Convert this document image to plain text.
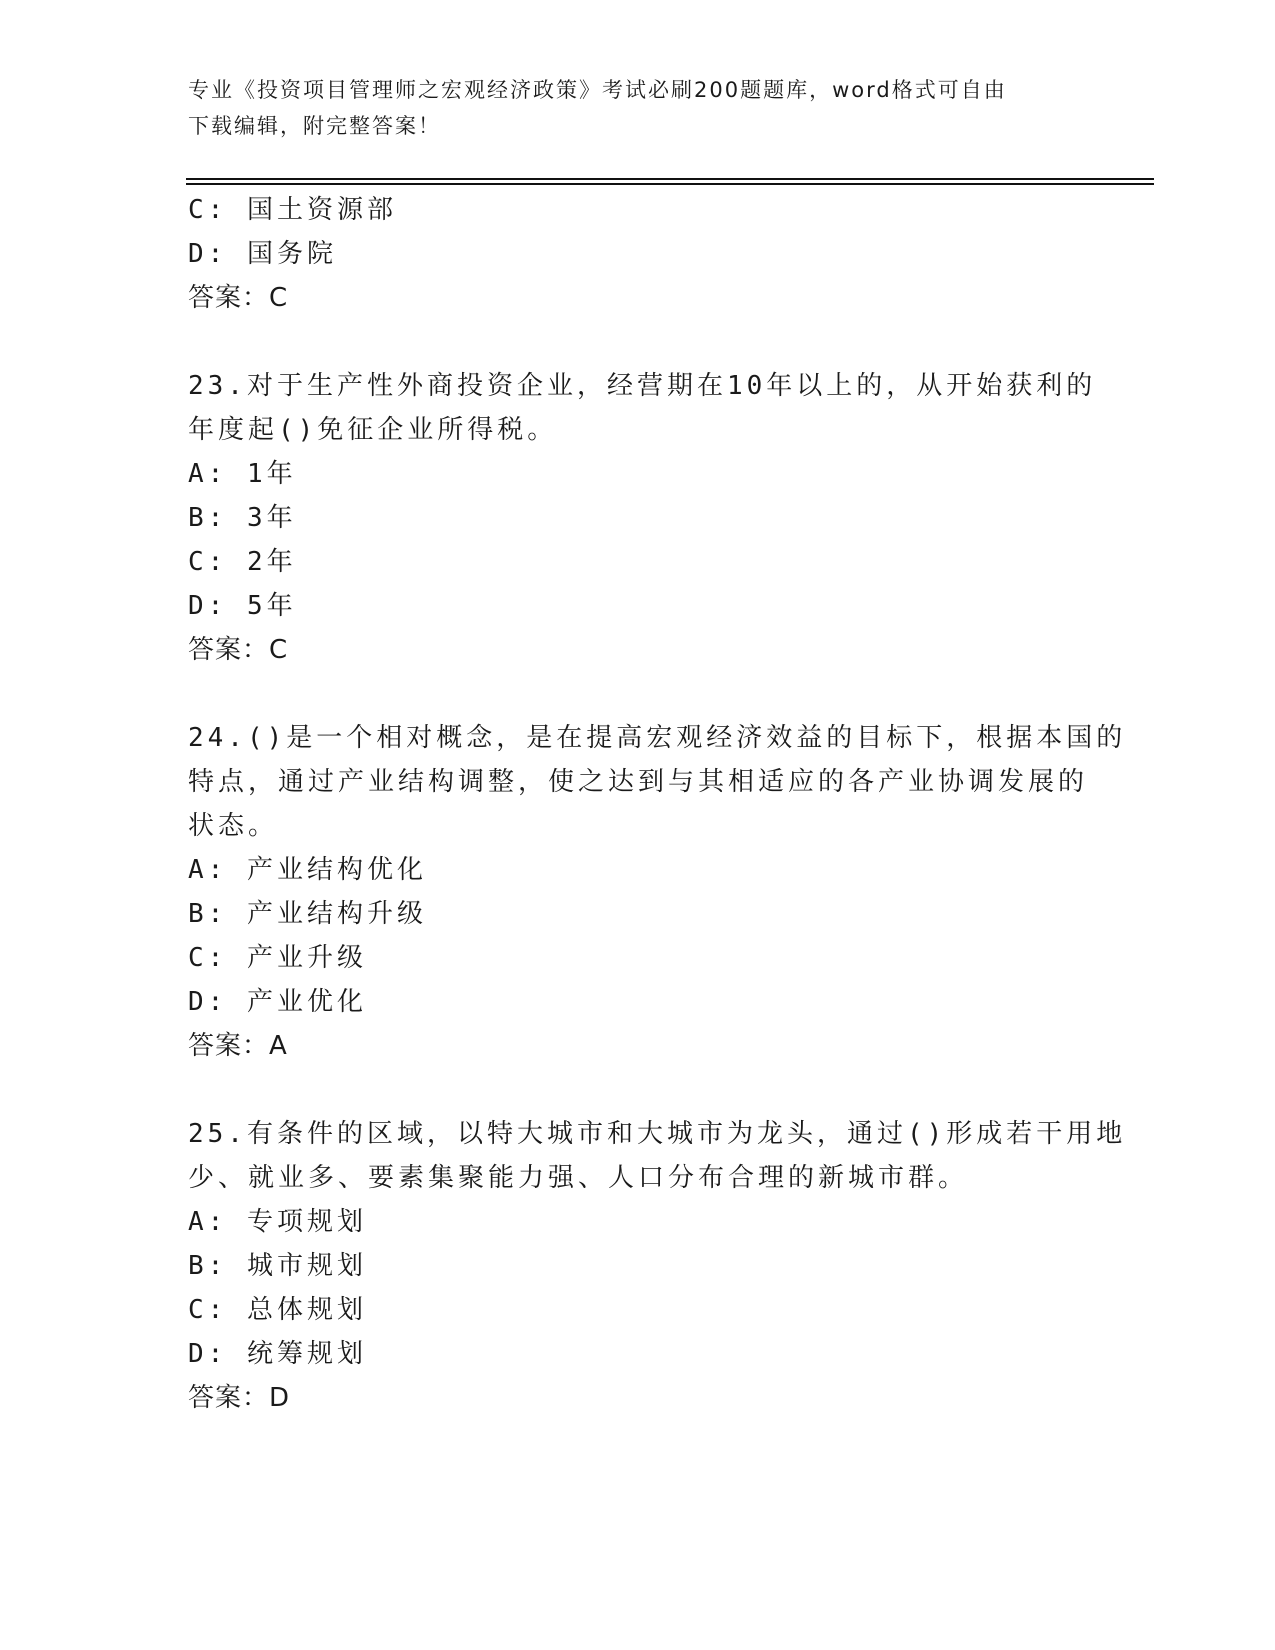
专业《投资项目管理师之宏观经济政策》考试必刷200题题库，word格式可自由
下载编辑，附完整答案！
C: 国土资源部
D: 国务院
答案：C
23.对于生产性外商投资企业，经营期在10年以上的，从开始获利的
年度起()免征企业所得税。
A: 1年
B: 3年
C: 2年
D: 5年
答案：C
24.()是一个相对概念，是在提高宏观经济效益的目标下，根据本国的
特点，通过产业结构调整，使之达到与其相适应的各产业协调发展的
状态。
A: 产业结构优化
B: 产业结构升级
C: 产业升级
D: 产业优化
答案：A
25.有条件的区域，以特大城市和大城市为龙头，通过()形成若干用地
少、就业多、要素集聚能力强、人口分布合理的新城市群。
A: 专项规划
B: 城市规划
C: 总体规划
D: 统筹规划
答案：D
